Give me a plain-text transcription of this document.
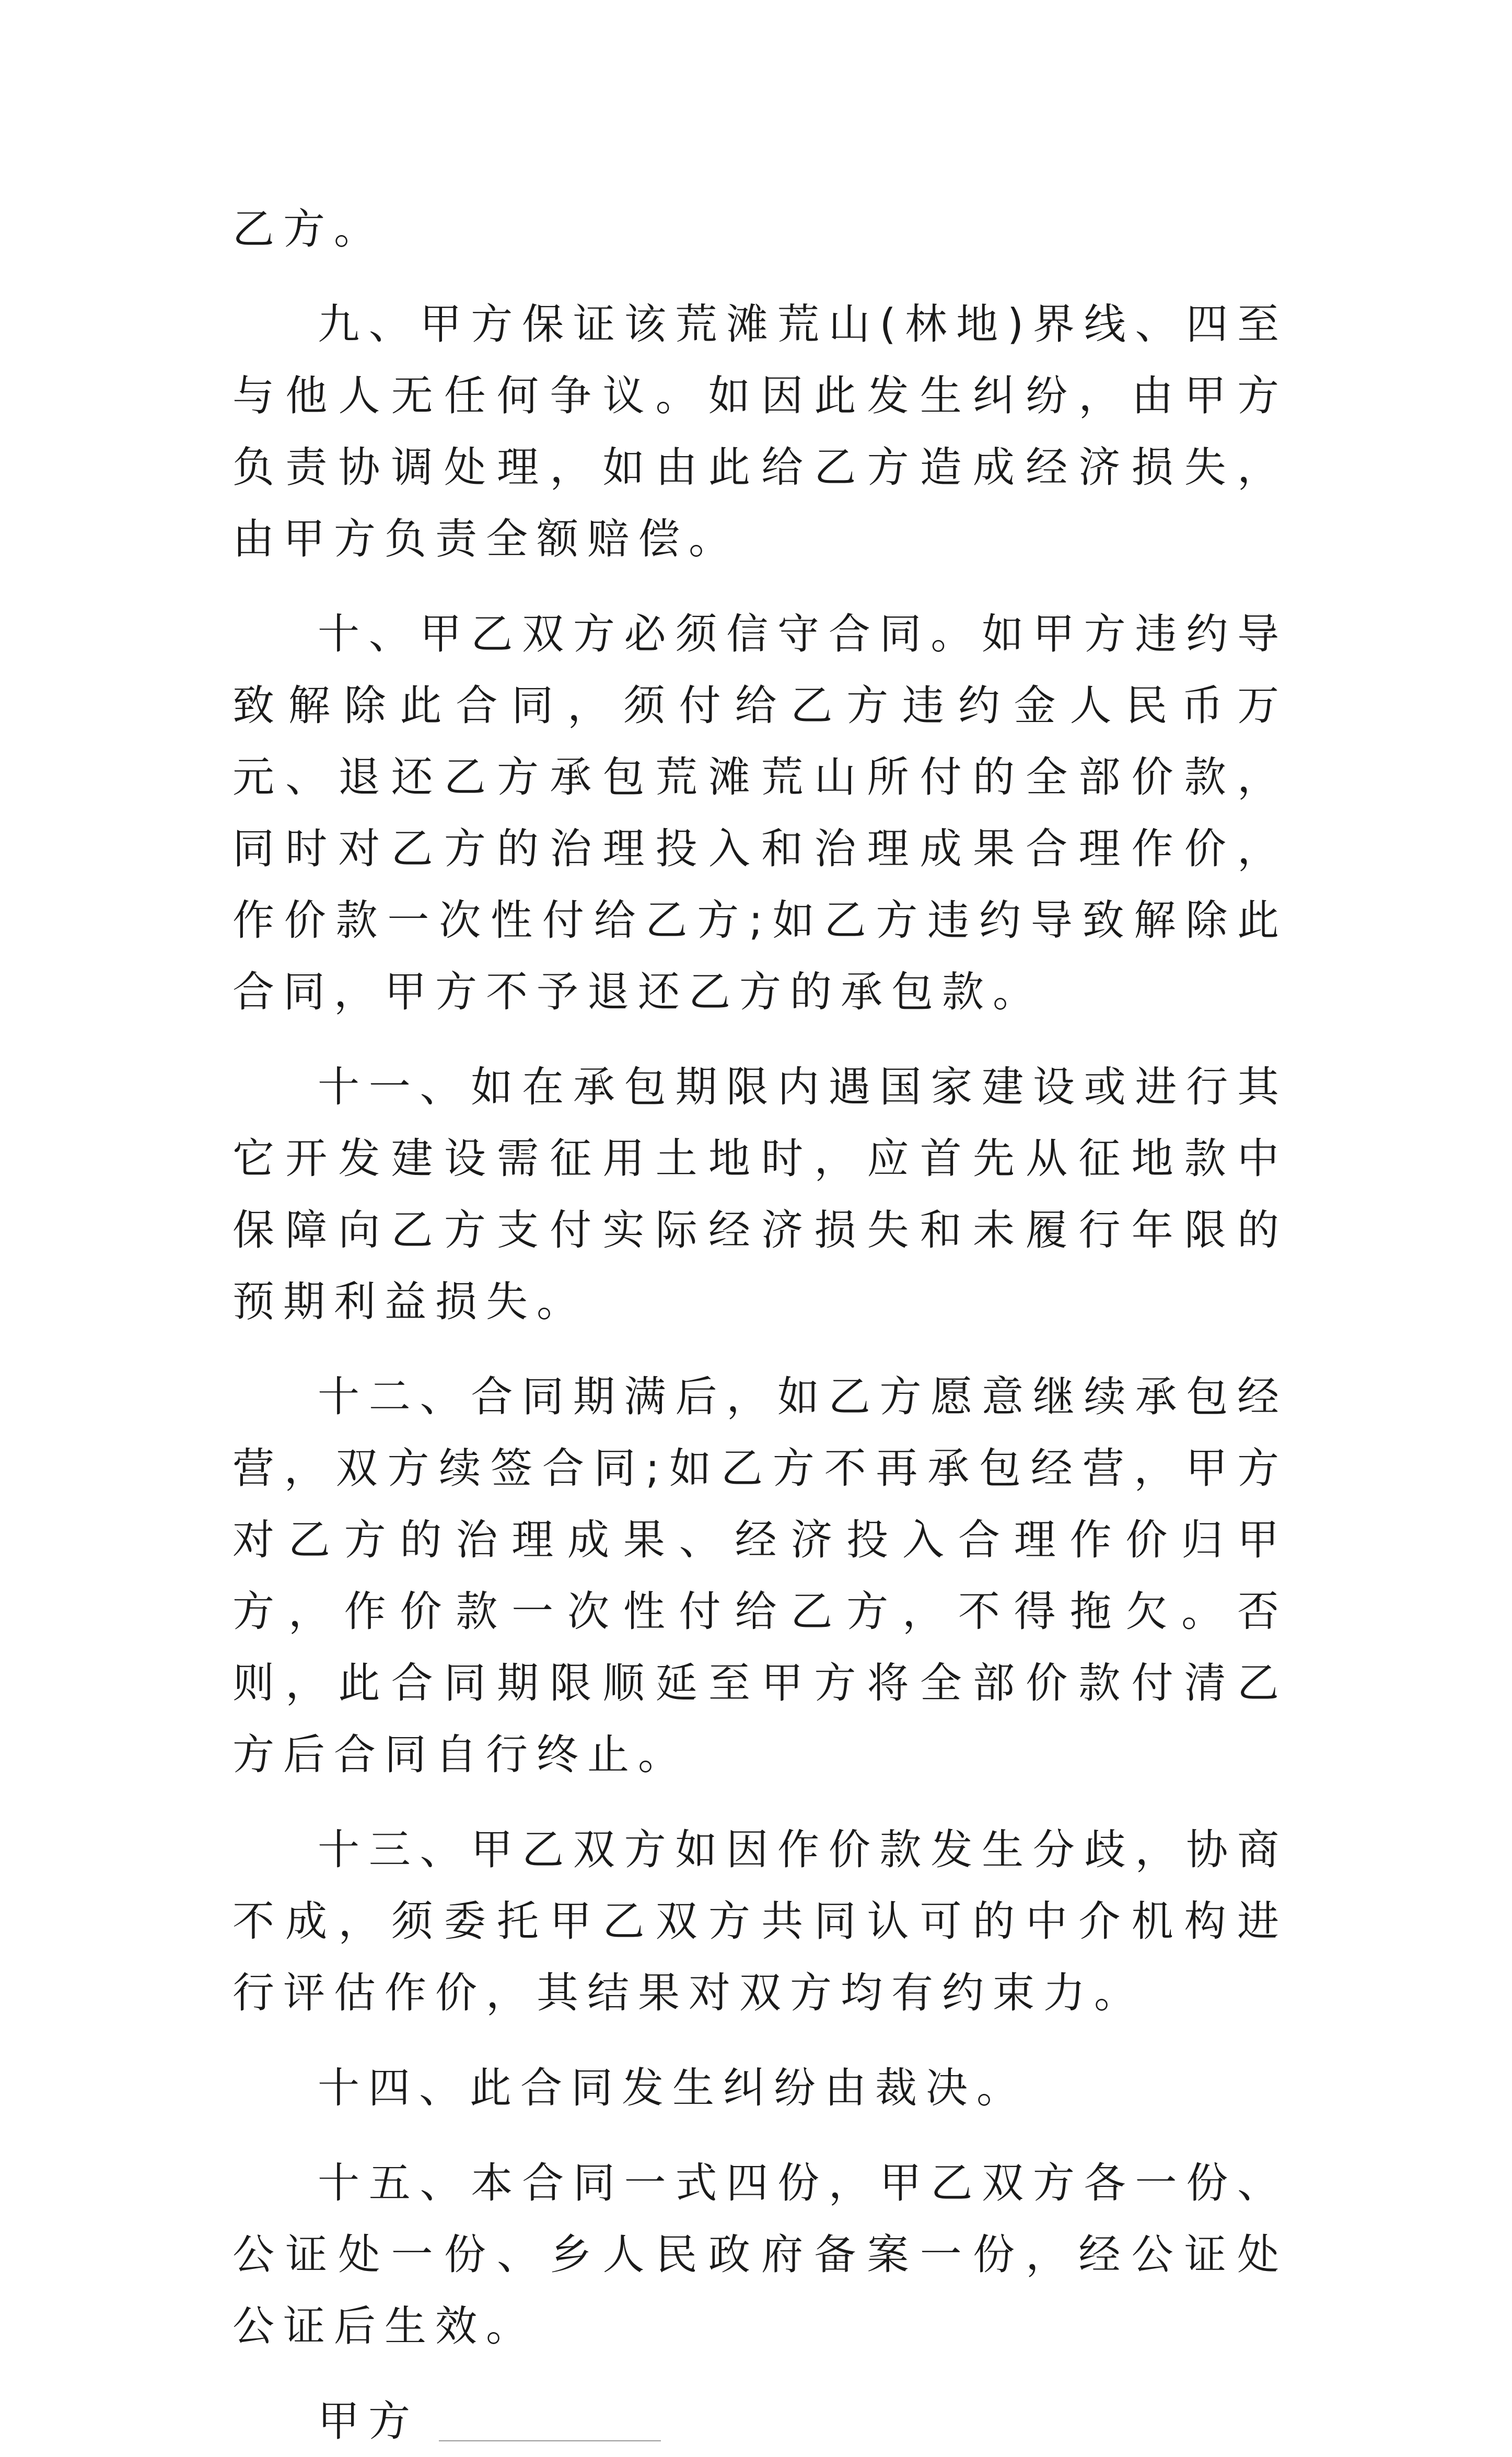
乙方。

九、甲方保证该荒滩荒山(林地)界线、四至与他人无任何争议。如因此发生纠纷，由甲方负责协调处理，如由此给乙方造成经济损失，由甲方负责全额赔偿。

十、甲乙双方必须信守合同。如甲方违约导致解除此合同，须付给乙方违约金人民币万元、退还乙方承包荒滩荒山所付的全部价款，同时对乙方的治理投入和治理成果合理作价，作价款一次性付给乙方;如乙方违约导致解除此合同，甲方不予退还乙方的承包款。

十一、如在承包期限内遇国家建设或进行其它开发建设需征用土地时，应首先从征地款中保障向乙方支付实际经济损失和未履行年限的预期利益损失。

十二、合同期满后，如乙方愿意继续承包经营，双方续签合同;如乙方不再承包经营，甲方对乙方的治理成果、经济投入合理作价归甲方，作价款一次性付给乙方，不得拖欠。否则，此合同期限顺延至甲方将全部价款付清乙方后合同自行终止。

十三、甲乙双方如因作价款发生分歧，协商不成，须委托甲乙双方共同认可的中介机构进行评估作价，其结果对双方均有约束力。

十四、此合同发生纠纷由裁决。

十五、本合同一式四份，甲乙双方各一份、公证处一份、乡人民政府备案一份，经公证处公证后生效。

甲方
